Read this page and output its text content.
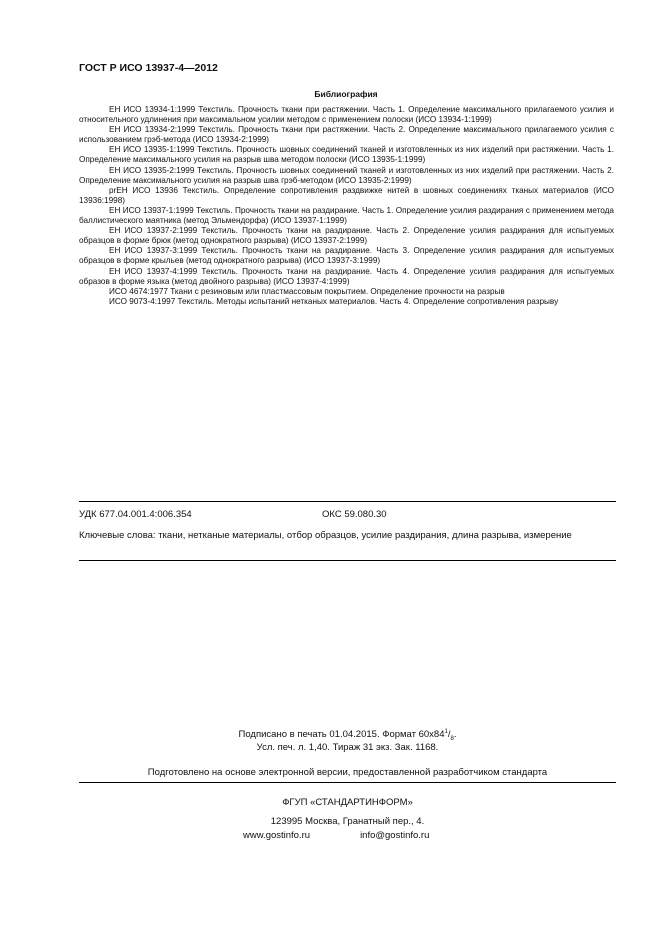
ГОСТ Р ИСО 13937-4—2012
Библиография

ЕН ИСО 13934-1:1999 Текстиль. Прочность ткани при растяжении. Часть 1. Определение максимального прилагаемого усилия и относительного удлинения при максимальном усилии методом с применением полоски (ИСО 13934-1:1999)

ЕН ИСО 13934-2:1999 Текстиль. Прочность ткани при растяжении. Часть 2. Определение максимального прилагаемого усилия с использованием грэб-метода (ИСО 13934-2:1999)

ЕН ИСО 13935-1:1999 Текстиль. Прочность шовных соединений тканей и изготовленных из них изделий при растяжении. Часть 1. Определение максимального усилия на разрыв шва методом полоски (ИСО 13935-1:1999)

ЕН ИСО 13935-2:1999 Текстиль. Прочность шовных соединений тканей и изготовленных из них изделий при растяжении. Часть 2. Определение максимального усилия на разрыв шва грэб-методом (ИСО 13935-2:1999)

prЕН ИСО 13936 Текстиль. Определение сопротивления раздвижке нитей в шовных соединениях тканых материалов (ИСО 13936:1998)

ЕН ИСО 13937-1:1999 Текстиль. Прочность ткани на раздирание. Часть 1. Определение усилия раздирания с применением метода баллистического маятника (метод Эльмендорфа) (ИСО 13937-1:1999)

ЕН ИСО 13937-2:1999 Текстиль. Прочность ткани на раздирание. Часть 2. Определение усилия раздирания для испытуемых образцов в форме брюк (метод однократного разрыва) (ИСО 13937-2:1999)

ЕН ИСО 13937-3:1999 Текстиль. Прочность ткани на раздирание. Часть 3. Определение усилия раздирания для испытуемых образцов в форме крыльев (метод однократного разрыва) (ИСО 13937-3:1999)

ЕН ИСО 13937-4:1999 Текстиль. Прочность ткани на раздирание. Часть 4. Определение усилия раздирания для испытуемых образов в форме языка (метод двойного разрыва) (ИСО 13937-4:1999)

ИСО 4674:1977 Ткани с резиновым или пластмассовым покрытием. Определение прочности на разрыв

ИСО 9073-4:1997 Текстиль. Методы испытаний нетканых материалов. Часть 4. Определение сопротивления разрыву

УДК 677.04.001.4:006.354	ОКС 59.080.30
Ключевые слова: ткани, нетканые материалы, отбор образцов, усилие раздирания, длина разрыва, измерение
Подписано в печать 01.04.2015. Формат $60х84^1/_8$.
Усл. печ. л. 1,40. Тираж 31 экз. Зак. 1168.
Подготовлено на основе электронной версии, предоставленной разработчиком стандарта
ФГУП «СТАНДАРТИНФОРМ»
123995 Москва, Гранатный пер., 4.
www.gostinfo.ru	info@gostinfo.ru
